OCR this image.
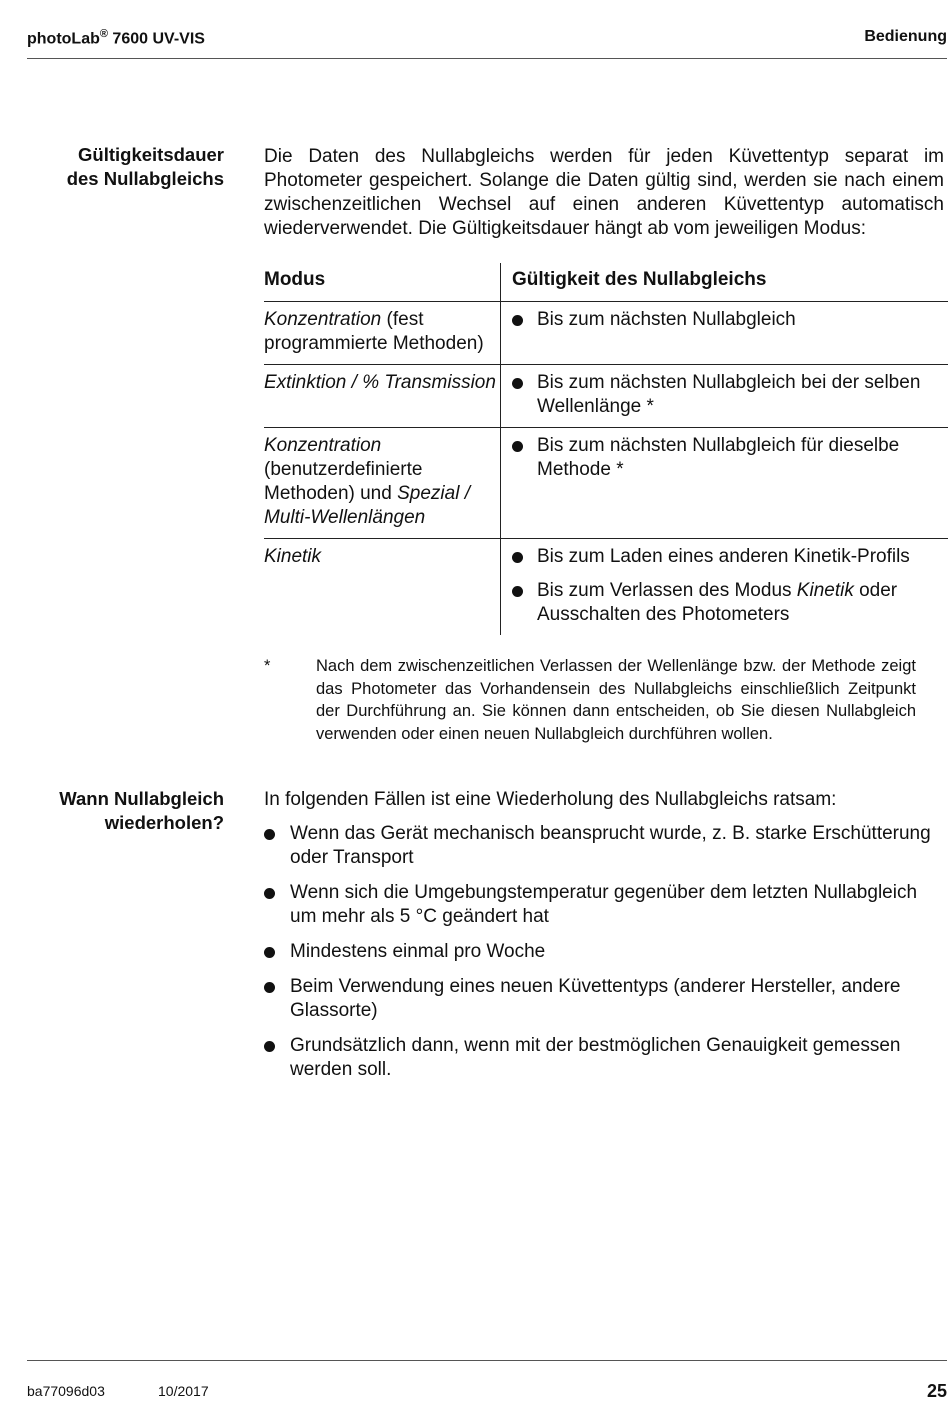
photoLab® 7600 UV-VIS	Bedienung
Gültigkeitsdauer
des Nullabgleichs
Die Daten des Nullabgleichs werden für jeden Küvettentyp separat im Photometer gespeichert. Solange die Daten gültig sind, werden sie nach einem zwischenzeitlichen Wechsel auf einen anderen Küvettentyp automatisch wiederverwendet. Die Gültigkeitsdauer hängt ab vom jeweiligen Modus:
Modus	Gültigkeit des Nullabgleichs
Konzentration (fest programmierte Methoden)	Bis zum nächsten Nullabgleich

Extinktion / % Transmission	Bis zum nächsten Nullabgleich bei der selben Wellenlänge *

Konzentration (benutzerdefinierte Methoden) und Spezial / Multi-Wellenlängen	Bis zum nächsten Nullabgleich für dieselbe Methode *

Kinetik	Bis zum Laden eines anderen Kinetik-Profils
Bis zum Verlassen des Modus Kinetik oder Ausschalten des Photometers
*	Nach dem zwischenzeitlichen Verlassen der Wellenlänge bzw. der Methode zeigt das Photometer das Vorhandensein des Nullabgleichs einschließlich Zeitpunkt der Durchführung an. Sie können dann entscheiden, ob Sie diesen Nullabgleich verwenden oder einen neuen Nullabgleich durchführen wollen.
Wann Nullabgleich
wiederholen?
In folgenden Fällen ist eine Wiederholung des Nullabgleichs ratsam:
Wenn das Gerät mechanisch beansprucht wurde, z. B. starke Erschütterung oder Transport
Wenn sich die Umgebungstemperatur gegenüber dem letzten Nullabgleich um mehr als 5 °C geändert hat
Mindestens einmal pro Woche
Beim Verwendung eines neuen Küvettentyps (anderer Hersteller, andere Glassorte)
Grundsätzlich dann, wenn mit der bestmöglichen Genauigkeit gemessen werden soll.
ba77096d03	10/2017	25
